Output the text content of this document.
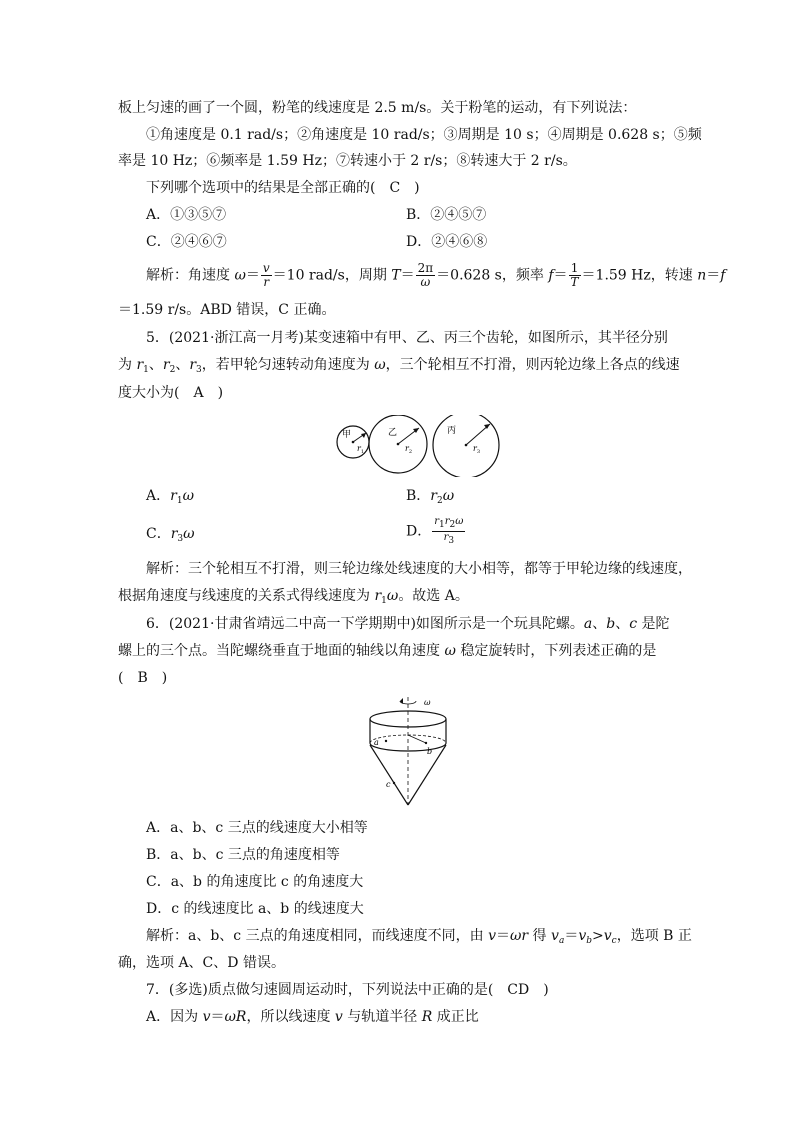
板上匀速的画了一个圆，粉笔的线速度是 2.5 m/s。关于粉笔的运动，有下列说法：
①角速度是 0.1 rad/s；②角速度是 10 rad/s；③周期是 10 s；④周期是 0.628 s；⑤频
率是 10 Hz；⑥频率是 1.59 Hz；⑦转速小于 2 r/s；⑧转速大于 2 r/s。
下列哪个选项中的结果是全部正确的(　C　)
A．①③⑤⑦	B．②④⑤⑦
C．②④⑥⑦	D．②④⑥⑧
解析：角速度 $\omega= \frac{v}{r} =10$ rad/s，周期 $T= \frac{2\pi}{\omega} =0.628$ s，频率 $f= \frac{1}{T} =1.59$ Hz，转速 n＝f
＝1.59 r/s。ABD 错误，C 正确。
5．(2021·浙江高一月考)某变速箱中有甲、乙、丙三个齿轮，如图所示，其半径分别
为 $r_1$、$r_2$、$r_3$，若甲轮匀速转动角速度为 ω，三个轮相互不打滑，则丙轮边缘上各点的线速
度大小为(　A　)
甲	乙	丙
$r_1$	$r_2$	$r_3$
A．$r_1\omega$	B．$r_2\omega$
C．$r_3\omega$	D． $\frac{r1r2\omega}{r3}$
解析：三个轮相互不打滑，则三轮边缘处线速度的大小相等，都等于甲轮边缘的线速度，
根据角速度与线速度的关系式得线速度为 $r_1\omega$。故选 A。
6．(2021·甘肃省靖远二中高一下学期期中)如图所示是一个玩具陀螺。a、b、c 是陀
螺上的三个点。当陀螺绕垂直于地面的轴线以角速度 ω 稳定旋转时，下列表述正确的是
(　B　)
ω
a
b
c
A．a、b、c 三点的线速度大小相等
B．a、b、c 三点的角速度相等
C．a、b 的角速度比 c 的角速度大
D．c 的线速度比 a、b 的线速度大
解析：a、b、c 三点的角速度相同，而线速度不同，由 v＝ωr 得 $v_a=v_b>v_c$，选项 B 正
确，选项 A、C、D 错误。
7．(多选)质点做匀速圆周运动时，下列说法中正确的是(　CD　)
A．因为 v＝ωR，所以线速度 v 与轨道半径 R 成正比
